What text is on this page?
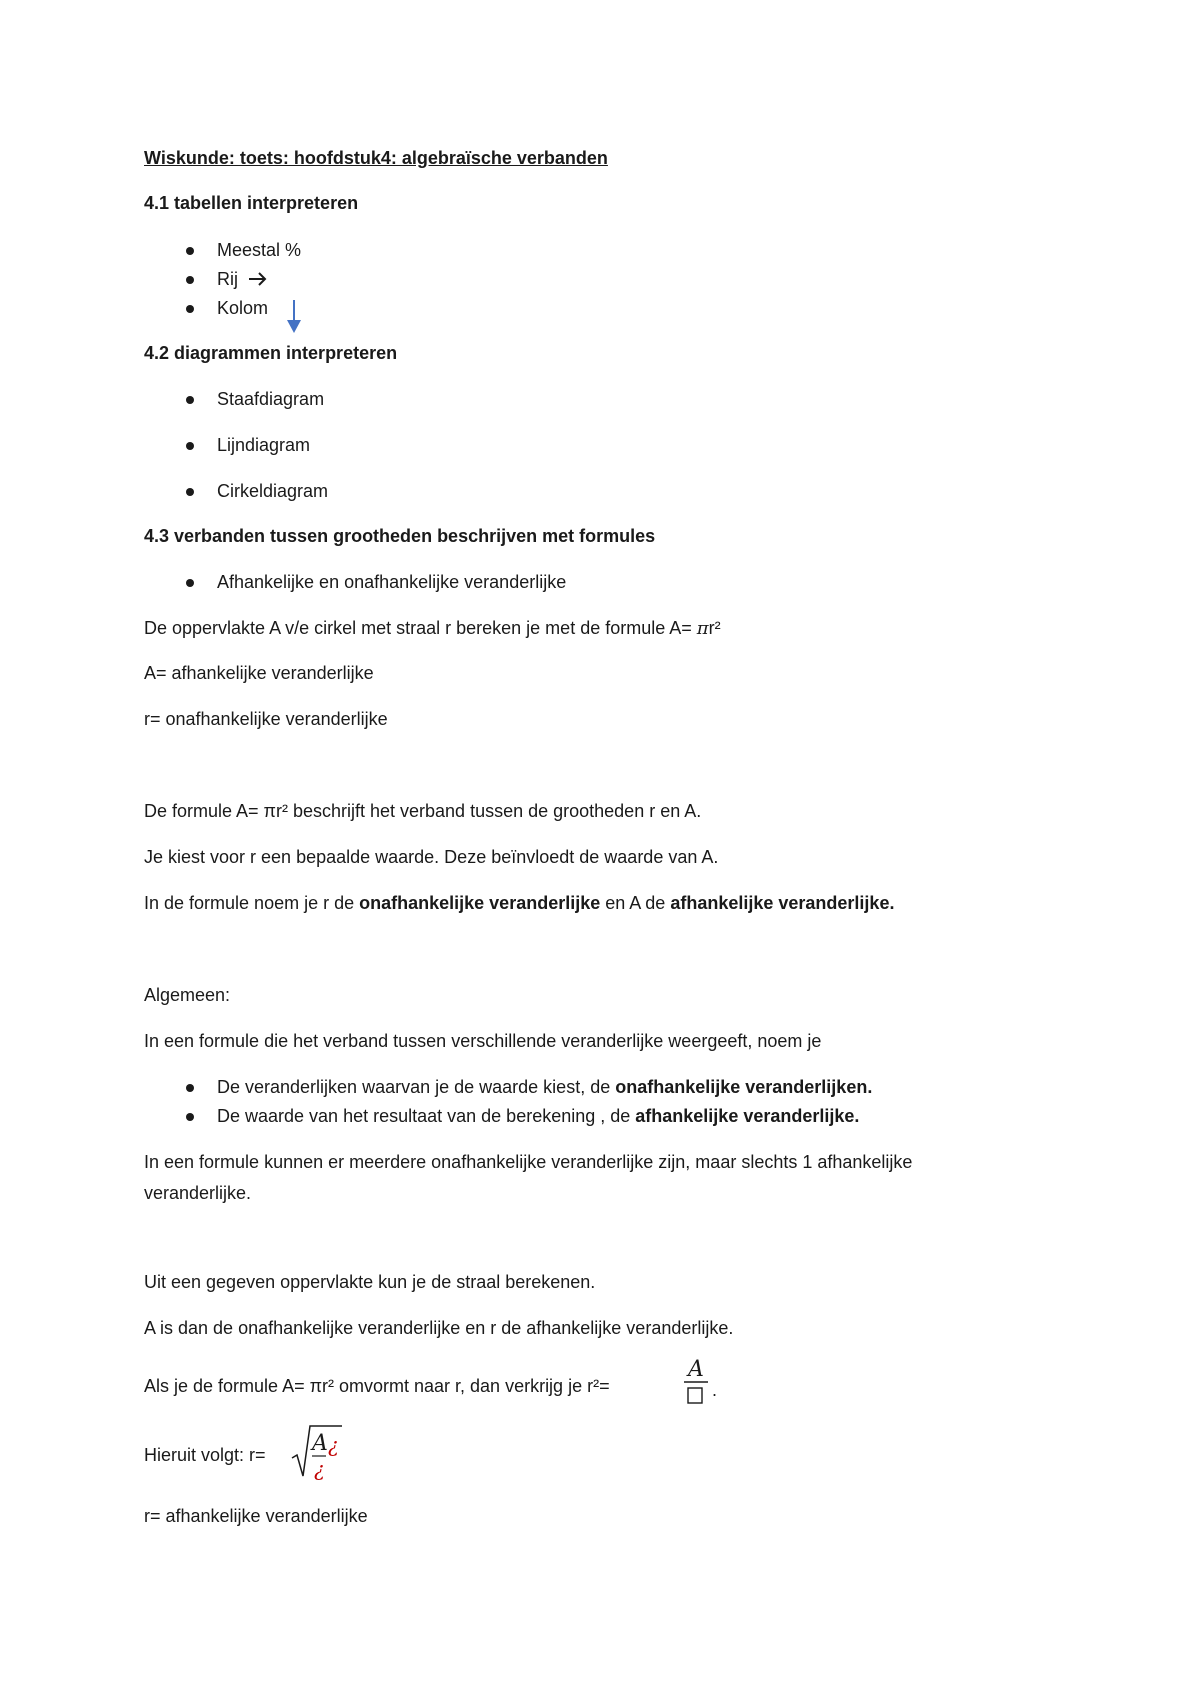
Wiskunde: toets: hoofdstuk4: algebraïsche verbanden
4.1 tabellen interpreteren
Meestal %
Rij
Kolom
4.2 diagrammen interpreteren
Staafdiagram
Lijndiagram
Cirkeldiagram
4.3 verbanden tussen grootheden beschrijven met formules
Afhankelijke en onafhankelijke veranderlijke
De oppervlakte A v/e cirkel met straal r bereken je met de formule A= πr²
A= afhankelijke veranderlijke
r= onafhankelijke veranderlijke
De formule A= πr² beschrijft het verband tussen de grootheden r en A.
Je kiest voor r een bepaalde waarde. Deze beïnvloedt de waarde van A.
In de formule noem je r de onafhankelijke veranderlijke en A de afhankelijke veranderlijke.
Algemeen:
In een formule die het verband tussen verschillende veranderlijke weergeeft, noem je
De veranderlijken waarvan je de waarde kiest, de onafhankelijke veranderlijken.
De waarde van het resultaat van de berekening , de afhankelijke veranderlijke.
In een formule kunnen er meerdere onafhankelijke veranderlijke zijn, maar slechts 1 afhankelijke
veranderlijke.
Uit een gegeven oppervlakte kun je de straal berekenen.
A is dan de onafhankelijke veranderlijke en r de afhankelijke veranderlijke.
Als je de formule A= πr² omvormt naar r, dan verkrijg je r²=
A
.
Hieruit volgt: r= A ¿
¿
r= afhankelijke veranderlijke
